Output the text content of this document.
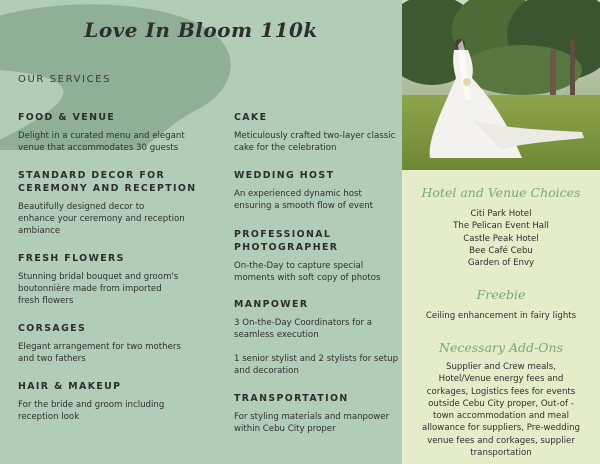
Love In Bloom 110k
OUR SERVICES
FOOD & VENUE

Delight in a curated menu and elegant
venue that accommodates 30 guests

STANDARD DECOR FOR
CEREMONY AND RECEPTION

Beautifully designed decor to
enhance your ceremony and reception
ambiance

FRESH FLOWERS

Stunning bridal bouquet and groom's
boutonnière made from imported
fresh flowers

CORSAGES

Elegant arrangement for two mothers
and two fathers

HAIR & MAKEUP

For the bride and groom including
reception look

CAKE

Meticulously crafted two-layer classic
cake for the celebration

WEDDING HOST

An experienced dynamic host
ensuring a smooth flow of event

PROFESSIONAL
PHOTOGRAPHER

On-the-Day to capture special
moments with soft copy of photos

MANPOWER

3 On-the-Day Coordinators for a
seamless execution

1 senior stylist and 2 stylists for setup
and decoration

TRANSPORTATION

For styling materials and manpower
within Cebu City proper

Hotel and Venue Choices
Citi Park Hotel
The Pelican Event Hall
Castle Peak Hotel
Bee Café Cebu
Garden of Envy
Freebie
Ceiling enhancement in fairy lights
Necessary Add-Ons
Supplier and Crew meals,
Hotel/Venue energy fees and
corkages, Logistics fees for events
outside Cebu City proper, Out-of -
town accommodation and meal
allowance for suppliers, Pre-wedding
venue fees and corkages, supplier
transportation
